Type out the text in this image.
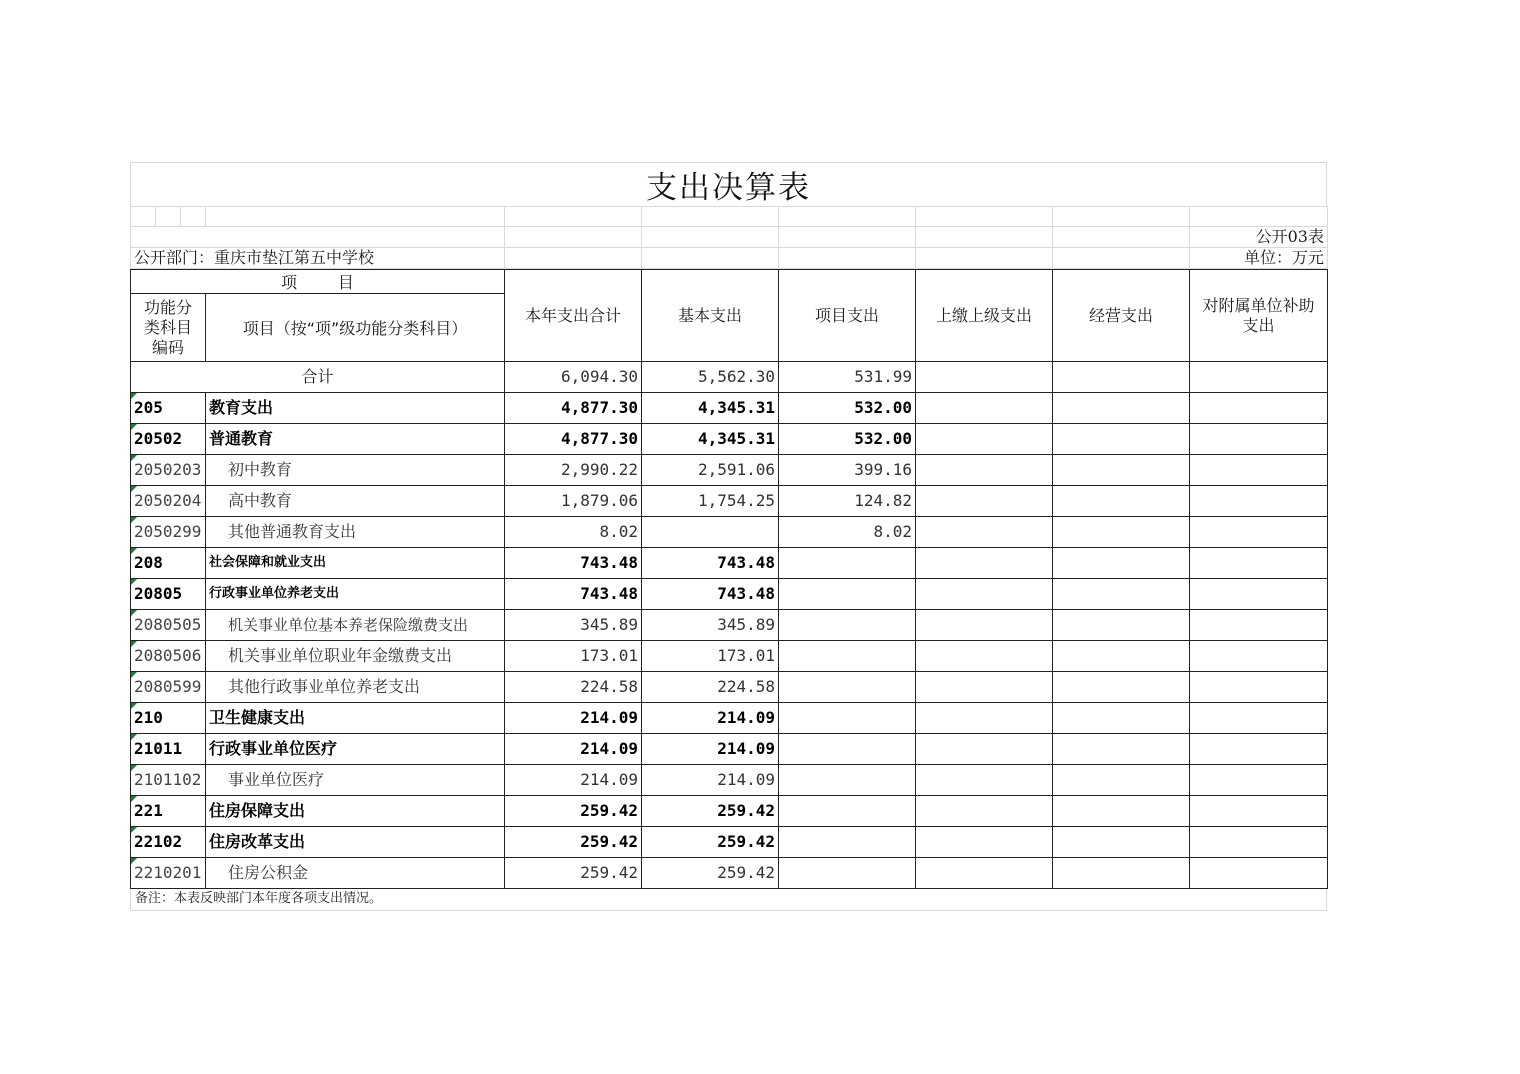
支出决算表

									公开03表
公开部门：重庆市垫江第五中学校									单位：万元
项        目		本年支出合计	基本支出	项目支出	上缴上级支出	经营支出	对附属单位补助支出
功能分类科目编码	项目（按“项”级功能分类科目）						
合计		6,094.30	5,562.30	531.99			
205	教育支出	4,877.30	4,345.31	532.00			
20502	普通教育	4,877.30	4,345.31	532.00			
2050203	初中教育	2,990.22	2,591.06	399.16			
2050204	高中教育	1,879.06	1,754.25	124.82			
2050299	其他普通教育支出	8.02		8.02			
208	社会保障和就业支出	743.48	743.48				
20805	行政事业单位养老支出	743.48	743.48				
2080505	机关事业单位基本养老保险缴费支出	345.89	345.89				
2080506	机关事业单位职业年金缴费支出	173.01	173.01				
2080599	其他行政事业单位养老支出	224.58	224.58				
210	卫生健康支出	214.09	214.09				
21011	行政事业单位医疗	214.09	214.09				
2101102	事业单位医疗	214.09	214.09				
221	住房保障支出	259.42	259.42				
22102	住房改革支出	259.42	259.42				
2210201	住房公积金	259.42	259.42				
备注：本表反映部门本年度各项支出情况。
